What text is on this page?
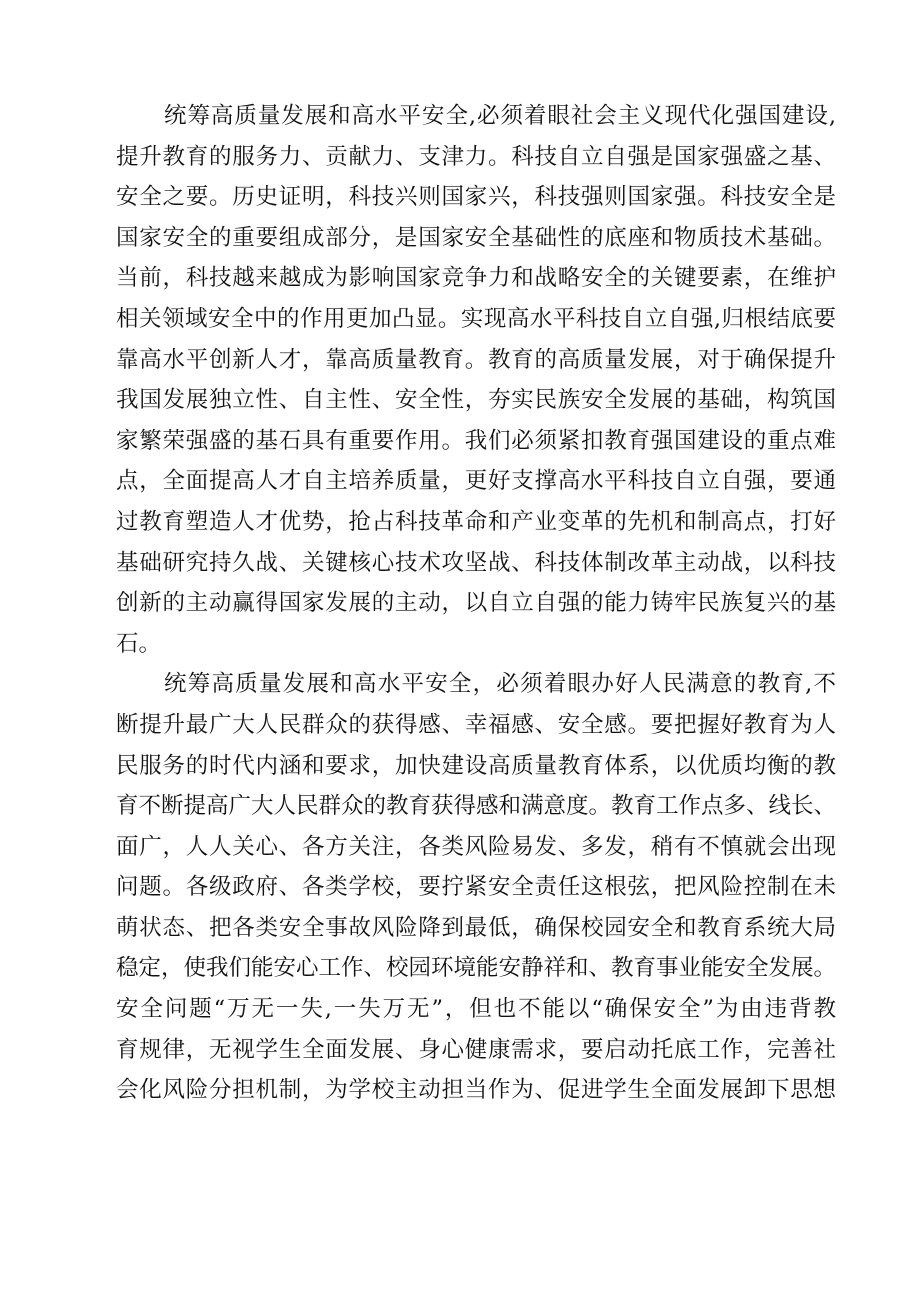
统筹高质量发展和高水平安全,必须着眼社会主义现代化强国建设,
提升教育的服务力、贡献力、支津力。科技自立自强是国家强盛之基、
安全之要。历史证明，科技兴则国家兴，科技强则国家强。科技安全是
国家安全的重要组成部分，是国家安全基础性的底座和物质技术基础。
当前，科技越来越成为影响国家竞争力和战略安全的关键要素，在维护
相关领域安全中的作用更加凸显。实现高水平科技自立自强,归根结底要
靠高水平创新人才，靠高质量教育。教育的高质量发展，对于确保提升
我国发展独立性、自主性、安全性，夯实民族安全发展的基础，构筑国
家繁荣强盛的基石具有重要作用。我们必须紧扣教育强国建设的重点难
点，全面提高人才自主培养质量，更好支撑高水平科技自立自强，要通
过教育塑造人才优势，抢占科技革命和产业变革的先机和制高点，打好
基础研究持久战、关键核心技术攻坚战、科技体制改革主动战，以科技
创新的主动赢得国家发展的主动，以自立自强的能力铸牢民族复兴的基
石。
统筹高质量发展和高水平安全，必须着眼办好人民满意的教育,不
断提升最广大人民群众的获得感、幸福感、安全感。要把握好教育为人
民服务的时代内涵和要求，加快建设高质量教育体系，以优质均衡的教
育不断提高广大人民群众的教育获得感和满意度。教育工作点多、线长、
面广，人人关心、各方关注，各类风险易发、多发，稍有不慎就会出现
问题。各级政府、各类学校，要拧紧安全责任这根弦，把风险控制在未
萌状态、把各类安全事故风险降到最低，确保校园安全和教育系统大局
稳定，使我们能安心工作、校园环境能安静祥和、教育事业能安全发展。
安全问题“万无一失,一失万无”，但也不能以“确保安全”为由违背教
育规律，无视学生全面发展、身心健康需求，要启动托底工作，完善社
会化风险分担机制，为学校主动担当作为、促进学生全面发展卸下思想
